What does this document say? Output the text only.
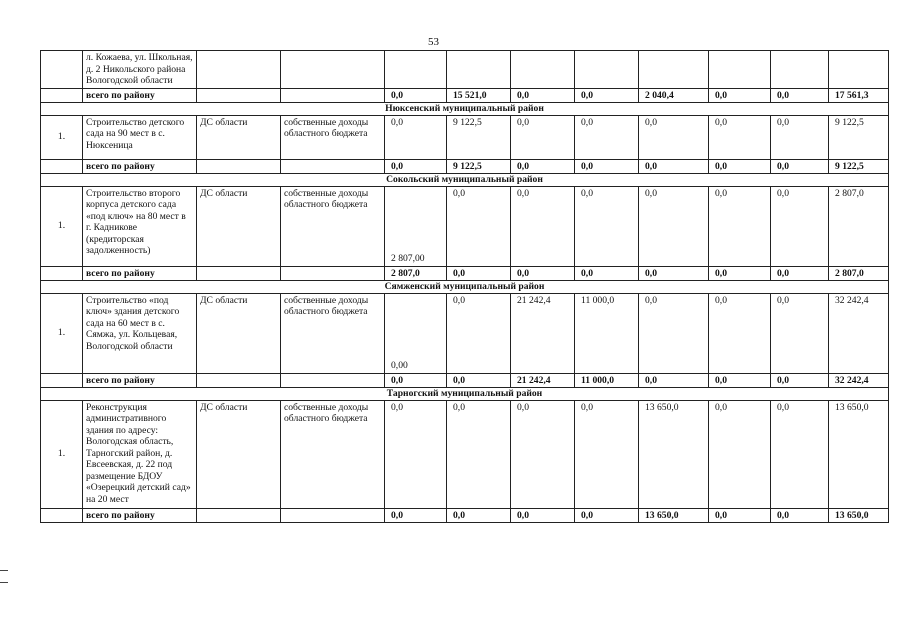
53
	л. Кожаева, ул. Школьная, д. 2 Никольского района Вологодской области										
	всего по району			0,0	15 521,0	0,0	0,0	2 040,4	0,0	0,0	17 561,3
Нюксенский муниципальный район											
1.	Строительство детского сада на 90 мест в с. Нюксеница	ДС области	собственные доходы областного бюджета	0,0	9 122,5	0,0	0,0	0,0	0,0	0,0	9 122,5
	всего по району			0,0	9 122,5	0,0	0,0	0,0	0,0	0,0	9 122,5
Сокольский муниципальный район											
1.	Строительство второго корпуса детского сада «под ключ» на 80 мест в г. Кадникове (кредиторская задолженность)	ДС области	собственные доходы областного бюджета	2 807,00	0,0	0,0	0,0	0,0	0,0	0,0	2 807,0
	всего по району			2 807,0	0,0	0,0	0,0	0,0	0,0	0,0	2 807,0
Сямженский муниципальный район											
1.	Строительство «под ключ» здания детского сада на 60 мест в с. Сямжа, ул. Кольцевая, Вологодской области	ДС области	собственные доходы областного бюджета	0,00	0,0	21 242,4	11 000,0	0,0	0,0	0,0	32 242,4
	всего по району			0,0	0,0	21 242,4	11 000,0	0,0	0,0	0,0	32 242,4
Тарногский муниципальный район											
1.	Реконструкция административного здания по адресу: Вологодская область, Тарногский район, д. Евсеевская, д. 22 под размещение БДОУ «Озерецкий детский сад» на 20 мест	ДС области	собственные доходы областного бюджета	0,0	0,0	0,0	0,0	13 650,0	0,0	0,0	13 650,0
	всего по району			0,0	0,0	0,0	0,0	13 650,0	0,0	0,0	13 650,0
